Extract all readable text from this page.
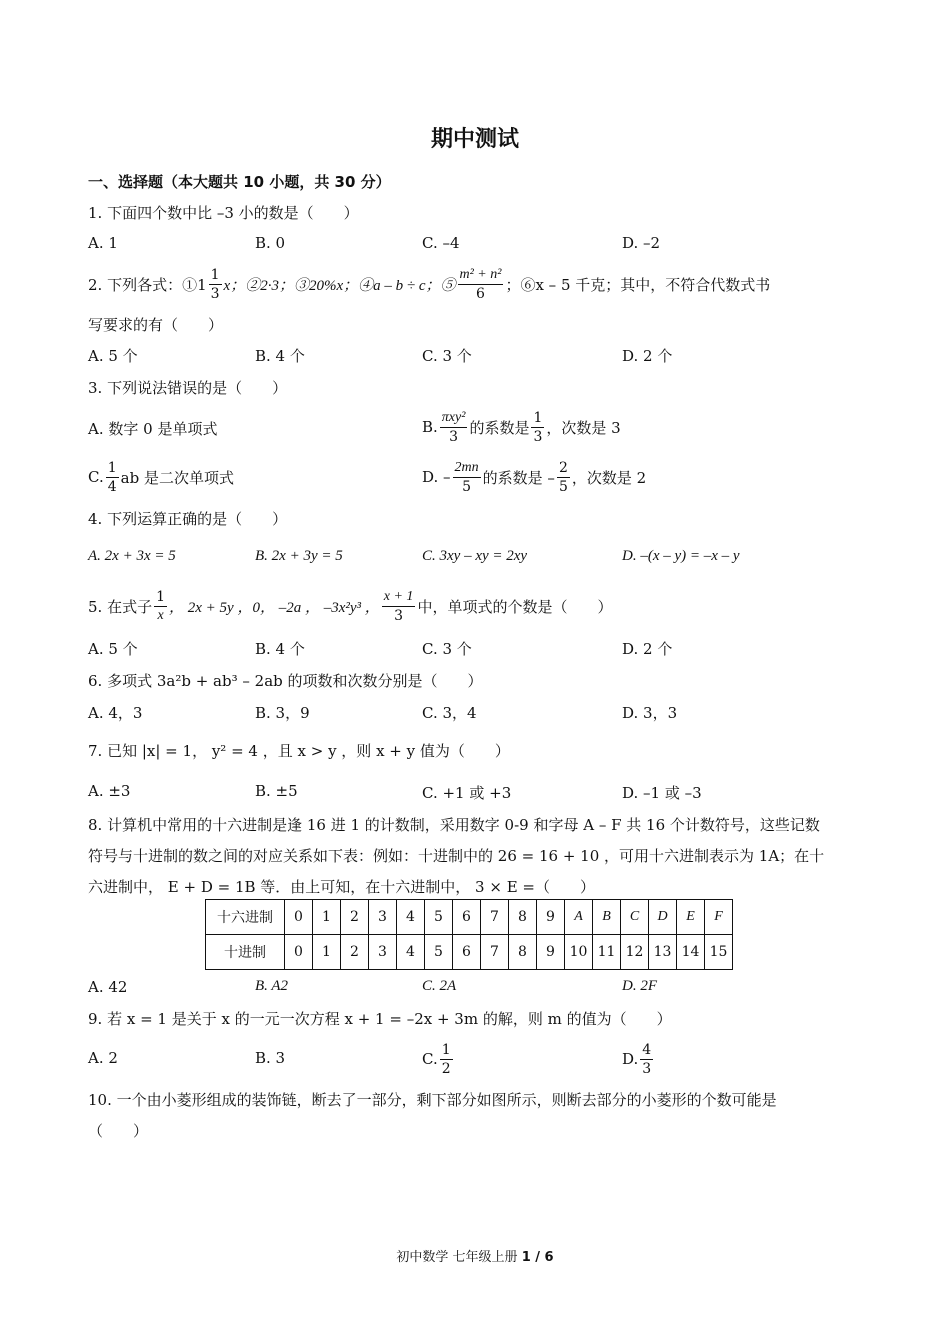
期中测试
一、选择题（本大题共 10 小题，共 30 分）
1. 下面四个数中比 –3 小的数是（　　）
A. 1	B. 0	C. –4	D. –2
2. 下列各式：①1 $\frac{1}{3}$ x；②2·3；③20%x；④a – b ÷ c；⑤ $\frac{\text{m² + n²}}{6}$ ；⑥x – 5 千克；其中，不符合代数式书
写要求的有（　　）
A. 5 个	B. 4 个	C. 3 个	D. 2 个
3. 下列说法错误的是（　　）
A. 数字 0 是单项式	B. $\frac{\text{πxy²}}{3}$ 的系数是 $\frac{1}{3}$ ，次数是 3
C. $\frac{1}{4}$ ab 是二次单项式	D. – $\frac{2mn}{5}$ 的系数是 – $\frac{2}{5}$ ，次数是 2
4. 下列运算正确的是（　　）
A. 2x + 3x = 5	B. 2x + 3y = 5	C. 3xy – xy = 2xy	D. –(x – y) = –x – y
5. 在式子 $\frac{1}{x}$ ， 2x + 5y ，0， –2a ， –3x²y³ ， $\frac{x + 1}{3}$ 中，单项式的个数是（　　）
A. 5 个	B. 4 个	C. 3 个	D. 2 个
6. 多项式 3a²b + ab³ – 2ab 的项数和次数分别是（　　）
A. 4，3	B. 3，9	C. 3，4	D. 3，3
7. 已知 |x| = 1， y² = 4 ，且 x > y ，则 x + y 值为（　　）
A. ±3	B. ±5	C. +1 或 +3	D. –1 或 –3
8. 计算机中常用的十六进制是逢 16 进 1 的计数制，采用数字 0-9 和字母 A – F 共 16 个计数符号，这些记数
符号与十进制的数之间的对应关系如下表：例如：十进制中的 26 = 16 + 10 ，可用十六进制表示为 1A；在十
六进制中， E + D = 1B 等．由上可知，在十六进制中， 3 × E =（　　）
十六进制	0	1	2	3	4	5	6	7	8	9	A	B	C	D	E	F
十进制	0	1	2	3	4	5	6	7	8	9	10	11	12	13	14	15
A. 42	B. A2	C. 2A	D. 2F
9. 若 x = 1 是关于 x 的一元一次方程 x + 1 = –2x + 3m 的解，则 m 的值为（　　）
A. 2	B. 3	C. $\frac{1}{2}$	D. $\frac{4}{3}$
10. 一个由小菱形组成的装饰链，断去了一部分，剩下部分如图所示，则断去部分的小菱形的个数可能是
（　　）
初中数学 七年级上册 1 / 6
